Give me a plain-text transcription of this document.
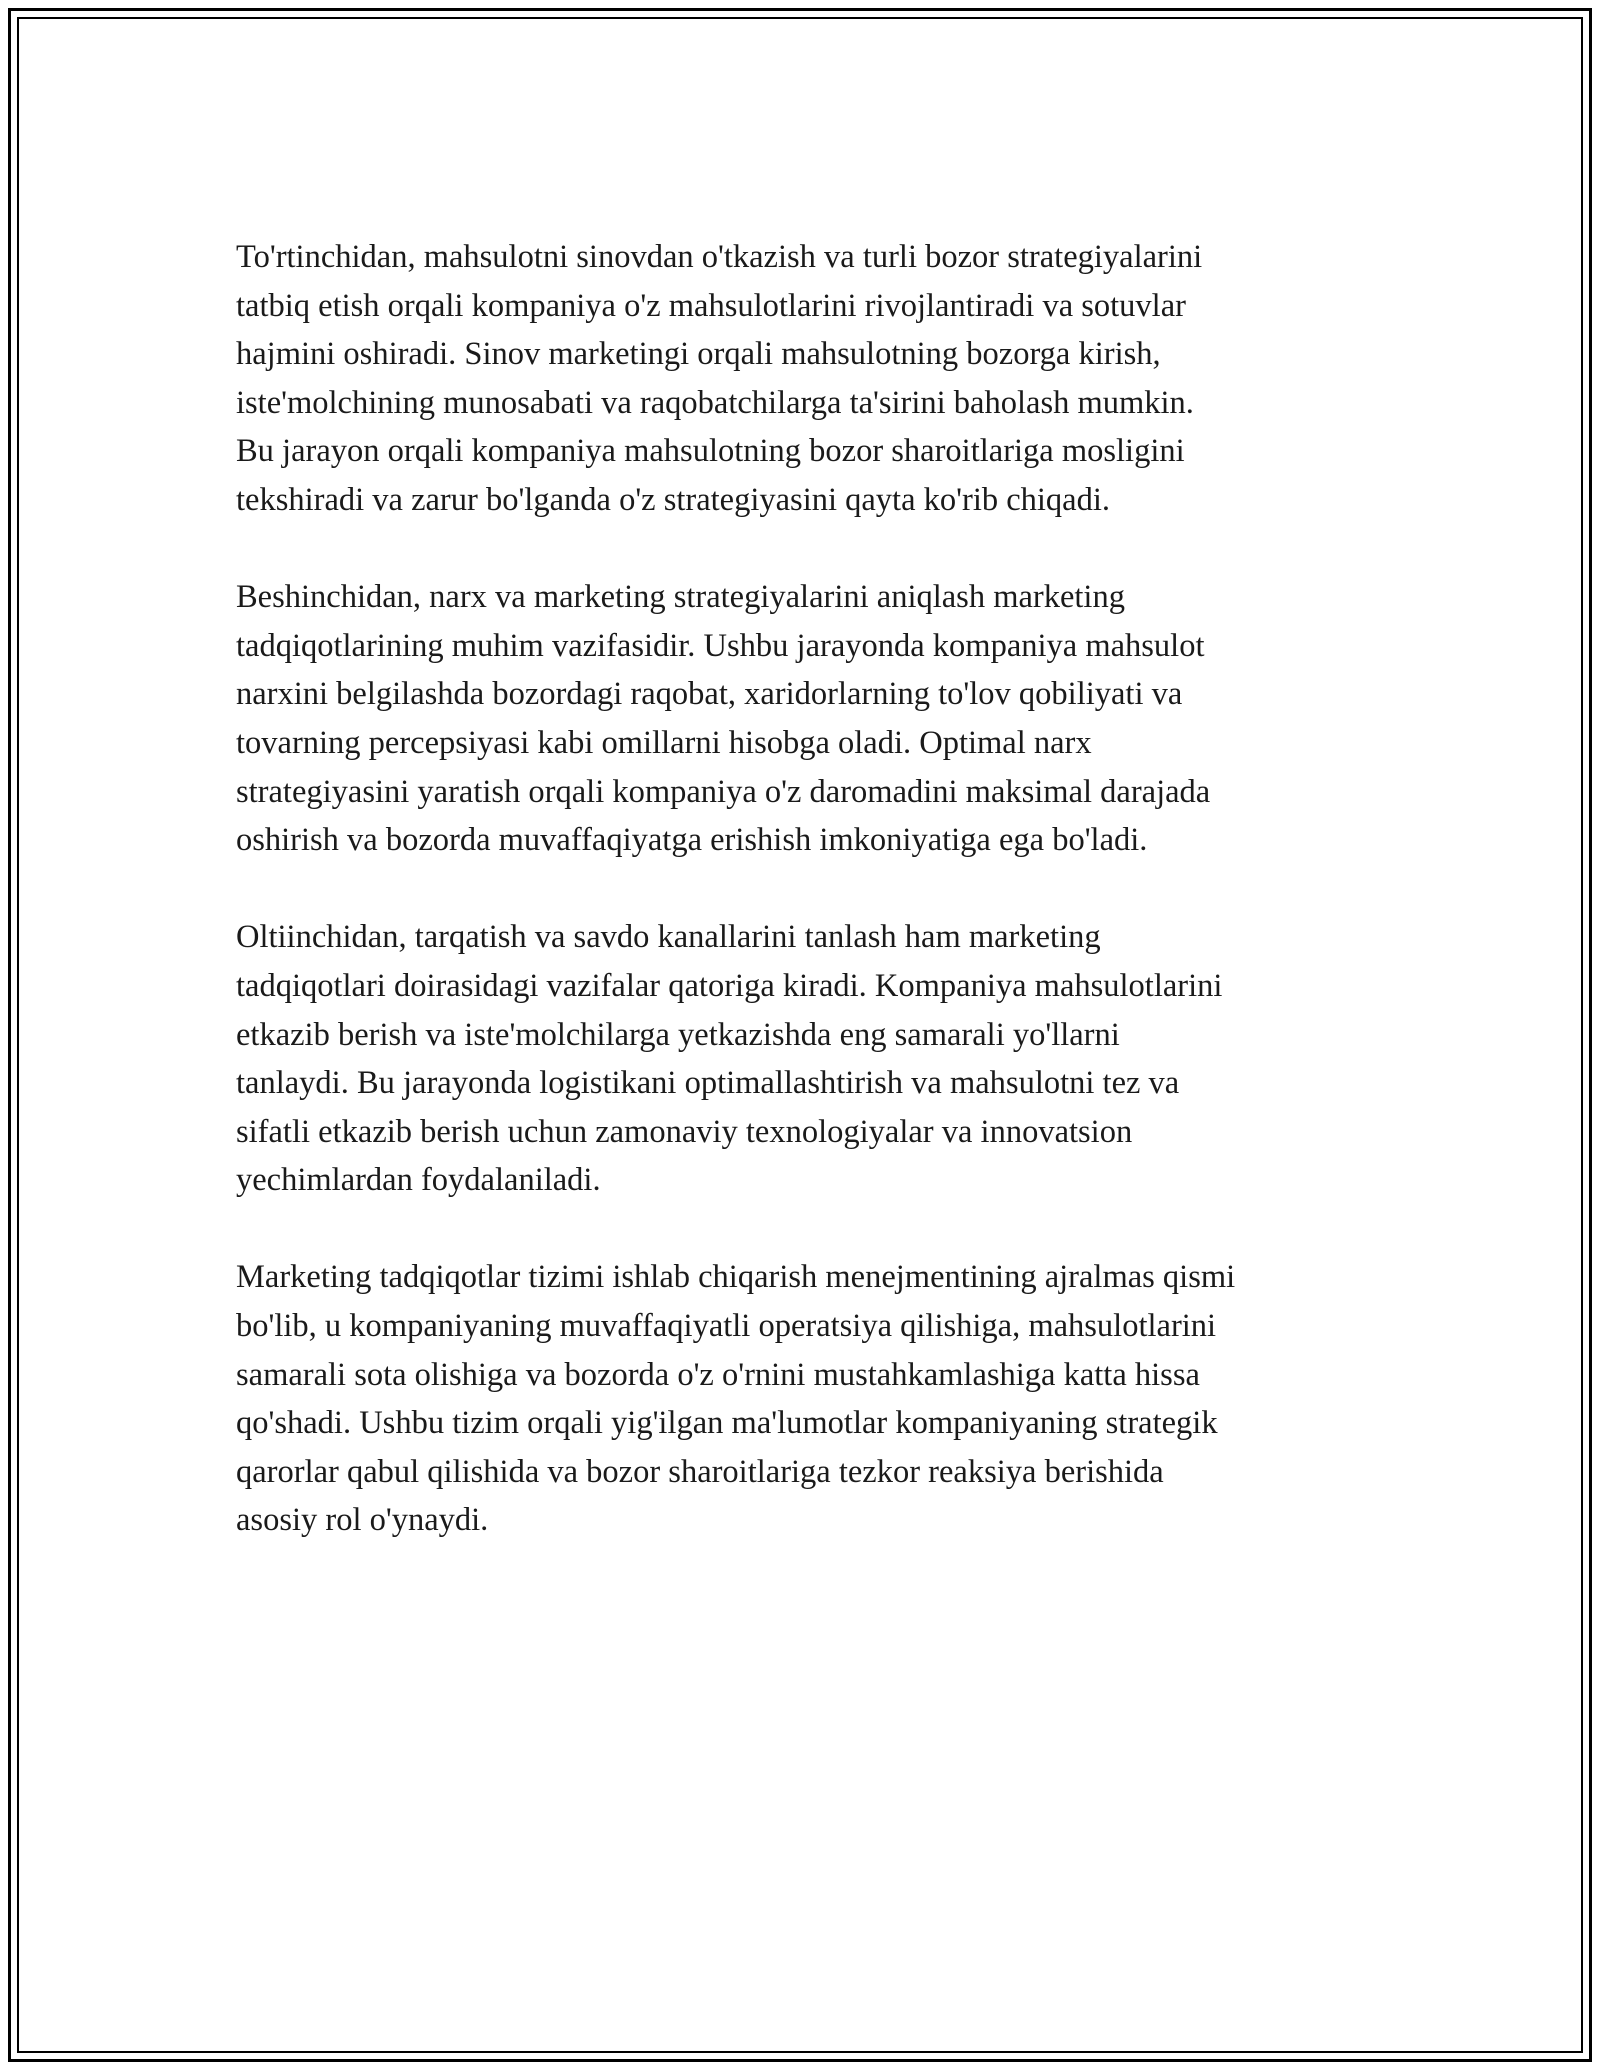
To'rtinchidan, mahsulotni sinovdan o'tkazish va turli bozor strategiyalarini
tatbiq etish orqali kompaniya o'z mahsulotlarini rivojlantiradi va sotuvlar
hajmini oshiradi. Sinov marketingi orqali mahsulotning bozorga kirish,
iste'molchining munosabati va raqobatchilarga ta'sirini baholash mumkin.
Bu jarayon orqali kompaniya mahsulotning bozor sharoitlariga mosligini
tekshiradi va zarur bo'lganda o'z strategiyasini qayta ko'rib chiqadi.

Beshinchidan, narx va marketing strategiyalarini aniqlash marketing
tadqiqotlarining muhim vazifasidir. Ushbu jarayonda kompaniya mahsulot
narxini belgilashda bozordagi raqobat, xaridorlarning to'lov qobiliyati va
tovarning percepsiyasi kabi omillarni hisobga oladi. Optimal narx
strategiyasini yaratish orqali kompaniya o'z daromadini maksimal darajada
oshirish va bozorda muvaffaqiyatga erishish imkoniyatiga ega bo'ladi.

Oltiinchidan, tarqatish va savdo kanallarini tanlash ham marketing
tadqiqotlari doirasidagi vazifalar qatoriga kiradi. Kompaniya mahsulotlarini
etkazib berish va iste'molchilarga yetkazishda eng samarali yo'llarni
tanlaydi. Bu jarayonda logistikani optimallashtirish va mahsulotni tez va
sifatli etkazib berish uchun zamonaviy texnologiyalar va innovatsion
yechimlardan foydalaniladi.

Marketing tadqiqotlar tizimi ishlab chiqarish menejmentining ajralmas qismi
bo'lib, u kompaniyaning muvaffaqiyatli operatsiya qilishiga, mahsulotlarini
samarali sota olishiga va bozorda o'z o'rnini mustahkamlashiga katta hissa
qo'shadi. Ushbu tizim orqali yig'ilgan ma'lumotlar kompaniyaning strategik
qarorlar qabul qilishida va bozor sharoitlariga tezkor reaksiya berishida
asosiy rol o'ynaydi.
